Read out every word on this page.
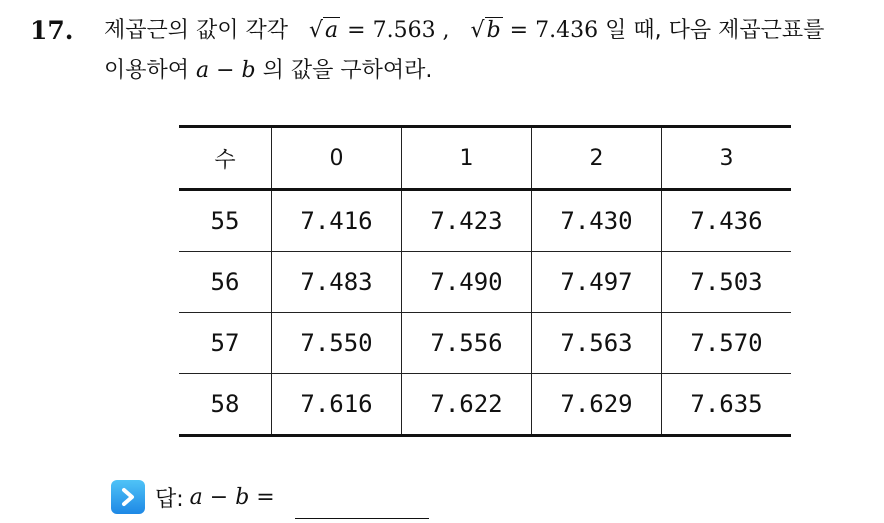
17. 제곱근의 값이 각각 √a = 7.563 , √b = 7.436 일 때, 다음 제곱근표를
이용하여 a − b 의 값을 구하여라.
수	0	1	2	3
55	7.416	7.423	7.430	7.436
56	7.483	7.490	7.497	7.503
57	7.550	7.556	7.563	7.570
58	7.616	7.622	7.629	7.635
답: a − b =
